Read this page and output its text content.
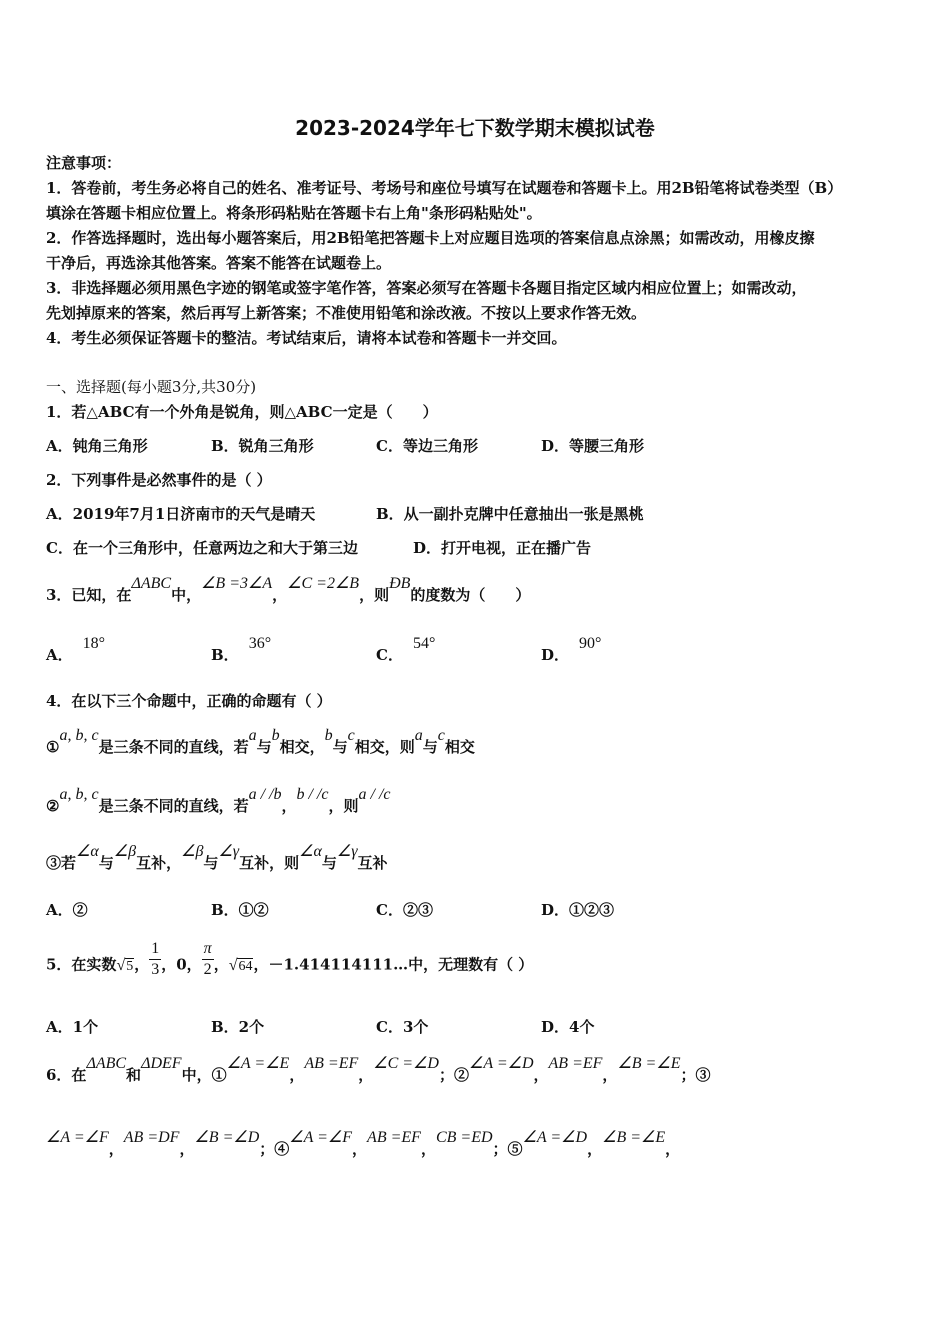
2023-2024学年七下数学期末模拟试卷
注意事项：
1．答卷前，考生务必将自己的姓名、准考证号、考场号和座位号填写在试题卷和答题卡上。用2B铅笔将试卷类型（B）
填涂在答题卡相应位置上。将条形码粘贴在答题卡右上角"条形码粘贴处"。
2．作答选择题时，选出每小题答案后，用2B铅笔把答题卡上对应题目选项的答案信息点涂黑；如需改动，用橡皮擦
干净后，再选涂其他答案。答案不能答在试题卷上。
3．非选择题必须用黑色字迹的钢笔或签字笔作答，答案必须写在答题卡各题目指定区域内相应位置上；如需改动，
先划掉原来的答案，然后再写上新答案；不准使用铅笔和涂改液。不按以上要求作答无效。
4．考生必须保证答题卡的整洁。考试结束后，请将本试卷和答题卡一并交回。
一、选择题(每小题3分,共30分)
1．若△ABC有一个外角是锐角，则△ABC一定是（　　）
A．钝角三角形	B．锐角三角形	C．等边三角形	D．等腰三角形
2．下列事件是必然事件的是（ ）
A．2019年7月1日济南市的天气是晴天	B．从一副扑克牌中任意抽出一张是黑桃
C．在一个三角形中，任意两边之和大于第三边	D．打开电视，正在播广告
3．已知，在ΔABC中，∠B =3∠A，∠C =2∠B，则ÐB的度数为（　　）
A．18°
B．36°
C．54°
D．90°
4．在以下三个命题中，正确的命题有（ ）
①a, b, c是三条不同的直线，若a与b相交，b与c相交，则a与c相交
②a, b, c是三条不同的直线，若a / /b，b / /c，则a / /c
③若∠α与∠β互补，∠β与∠γ互补，则∠α与∠γ互补
A．②	B．①②	C．②③	D．①②③
5．在实数√5， $\frac{1}{3}$ ，0， $\frac{\pi}{2}$ ，√64，－1.414114111…中，无理数有（ ）
A．1个	B．2个	C．3个	D．4个
6．在ΔABC和ΔDEF中，①∠A =∠E，AB =EF，∠C =∠D；②∠A =∠D，AB =EF，∠B =∠E；③
∠A =∠F，AB =DF，∠B =∠D；④∠A =∠F，AB =EF，CB =ED；⑤∠A =∠D，∠B =∠E，
